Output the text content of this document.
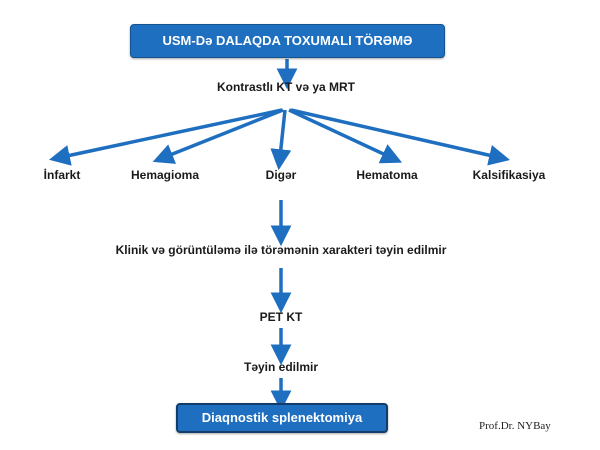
USM-Də DALAQDA TOXUMALI TÖRƏMƏ
Kontrastlı KT və ya MRT
İnfarkt	Hemagioma	Digər	Hematoma	Kalsifikasiya
Klinik və görüntüləmə ilə törəmənin xarakteri təyin edilmir
PET KT
Təyin edilmir
Diaqnostik splenektomiya
Prof.Dr. NYBay
